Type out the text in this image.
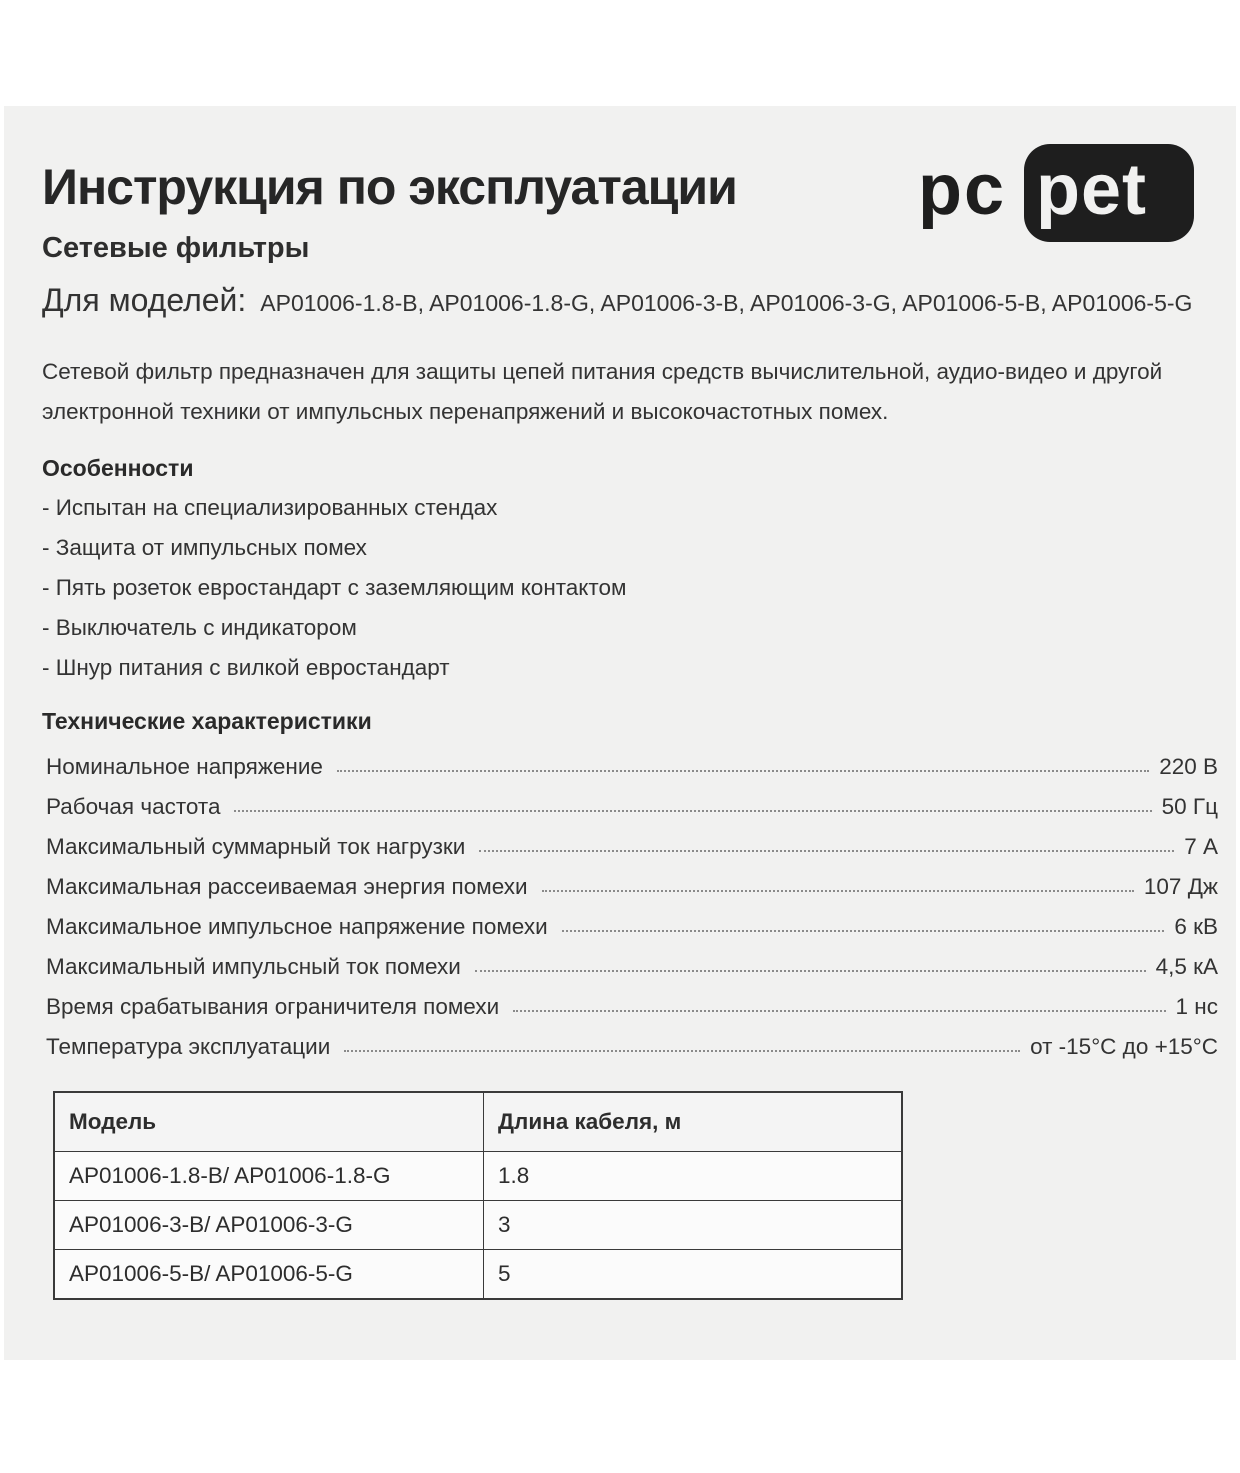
Инструкция по эксплуатации
Сетевые фильтры
Для моделей: AP01006-1.8-B, AP01006-1.8-G, AP01006-3-B, AP01006-3-G, AP01006-5-B, AP01006-5-G
pc pet
Сетевой фильтр предназначен для защиты цепей питания средств вычислительной, аудио-видео и другой электронной техники от импульсных перенапряжений и высокочастотных помех.
Особенности
- Испытан на специализированных стендах
- Защита от импульсных помех
- Пять розеток евростандарт с заземляющим контактом
- Выключатель с индикатором
- Шнур питания с вилкой евростандарт
Технические характеристики
Номинальное напряжение	220 В
Рабочая частота	50 Гц
Максимальный суммарный ток нагрузки	7 А
Максимальная рассеиваемая энергия помехи	107 Дж
Максимальное импульсное напряжение помехи	6 кВ
Максимальный импульсный ток помехи	4,5 кА
Время срабатывания ограничителя помехи	1 нс
Температура эксплуатации	от -15°С до +15°С
Модель	Длина кабеля, м
AP01006-1.8-B/ AP01006-1.8-G	1.8
AP01006-3-B/ AP01006-3-G	3
AP01006-5-B/ AP01006-5-G	5
